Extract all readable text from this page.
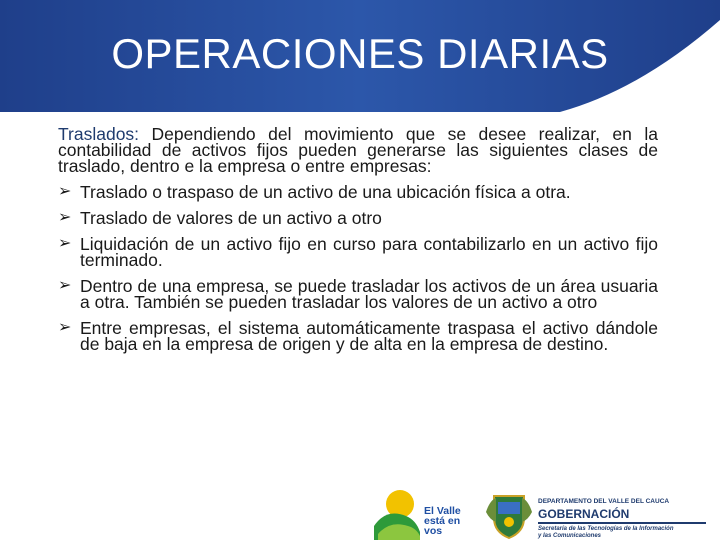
OPERACIONES DIARIAS

Traslados: Dependiendo del movimiento que se desee realizar, en la contabilidad de activos fijos pueden generarse las siguientes clases de traslado, dentro e la empresa o entre empresas:

➢ Traslado o traspaso de un activo de una ubicación física a otra.
➢ Traslado de valores de un activo a otro
➢ Liquidación de un activo fijo en curso para contabilizarlo en un activo fijo terminado.
➢ Dentro de una empresa, se puede trasladar los activos de un área usuaria a otra. También se pueden trasladar los valores de un activo a otro
➢ Entre empresas, el sistema automáticamente traspasa el activo dándole de baja en la empresa de origen y de alta en la empresa de destino.
El Valle
está en
vos
DEPARTAMENTO DEL VALLE DEL CAUCA
GOBERNACIÓN
Secretaría de las Tecnologías de la Información
y las Comunicaciones
